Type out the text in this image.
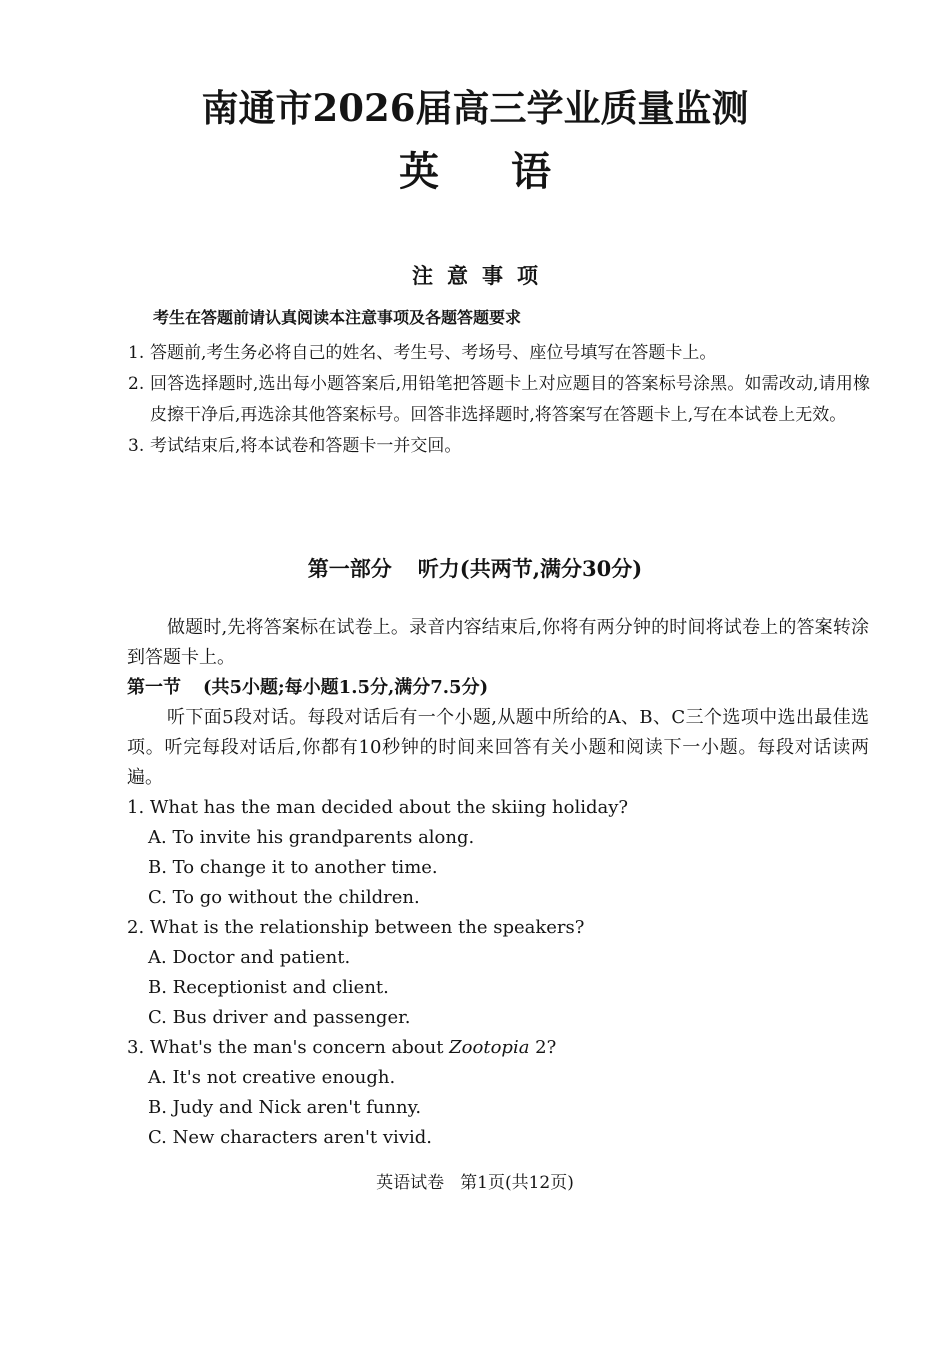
南通市2026届高三学业质量监测
英语
注意事项
考生在答题前请认真阅读本注意事项及各题答题要求
1. 答题前,考生务必将自己的姓名、考生号、考场号、座位号填写在答题卡上。
2. 回答选择题时,选出每小题答案后,用铅笔把答题卡上对应题目的答案标号涂黑。如需改动,请用橡皮擦干净后,再选涂其他答案标号。回答非选择题时,将答案写在答题卡上,写在本试卷上无效。
3. 考试结束后,将本试卷和答题卡一并交回。
第一部分 听力(共两节,满分30分)

做题时,先将答案标在试卷上。录音内容结束后,你将有两分钟的时间将试卷上的答案转涂到答题卡上。

第一节 (共5小题;每小题1.5分,满分7.5分)

听下面5段对话。每段对话后有一个小题,从题中所给的A、B、C三个选项中选出最佳选项。听完每段对话后,你都有10秒钟的时间来回答有关小题和阅读下一小题。每段对话读两遍。

1. What has the man decided about the skiing holiday?

A. To invite his grandparents along.

B. To change it to another time.

C. To go without the children.

2. What is the relationship between the speakers?

A. Doctor and patient.

B. Receptionist and client.

C. Bus driver and passenger.

3. What's the man's concern about Zootopia 2?

A. It's not creative enough.

B. Judy and Nick aren't funny.

C. New characters aren't vivid.

英语试卷 第1页(共12页)
